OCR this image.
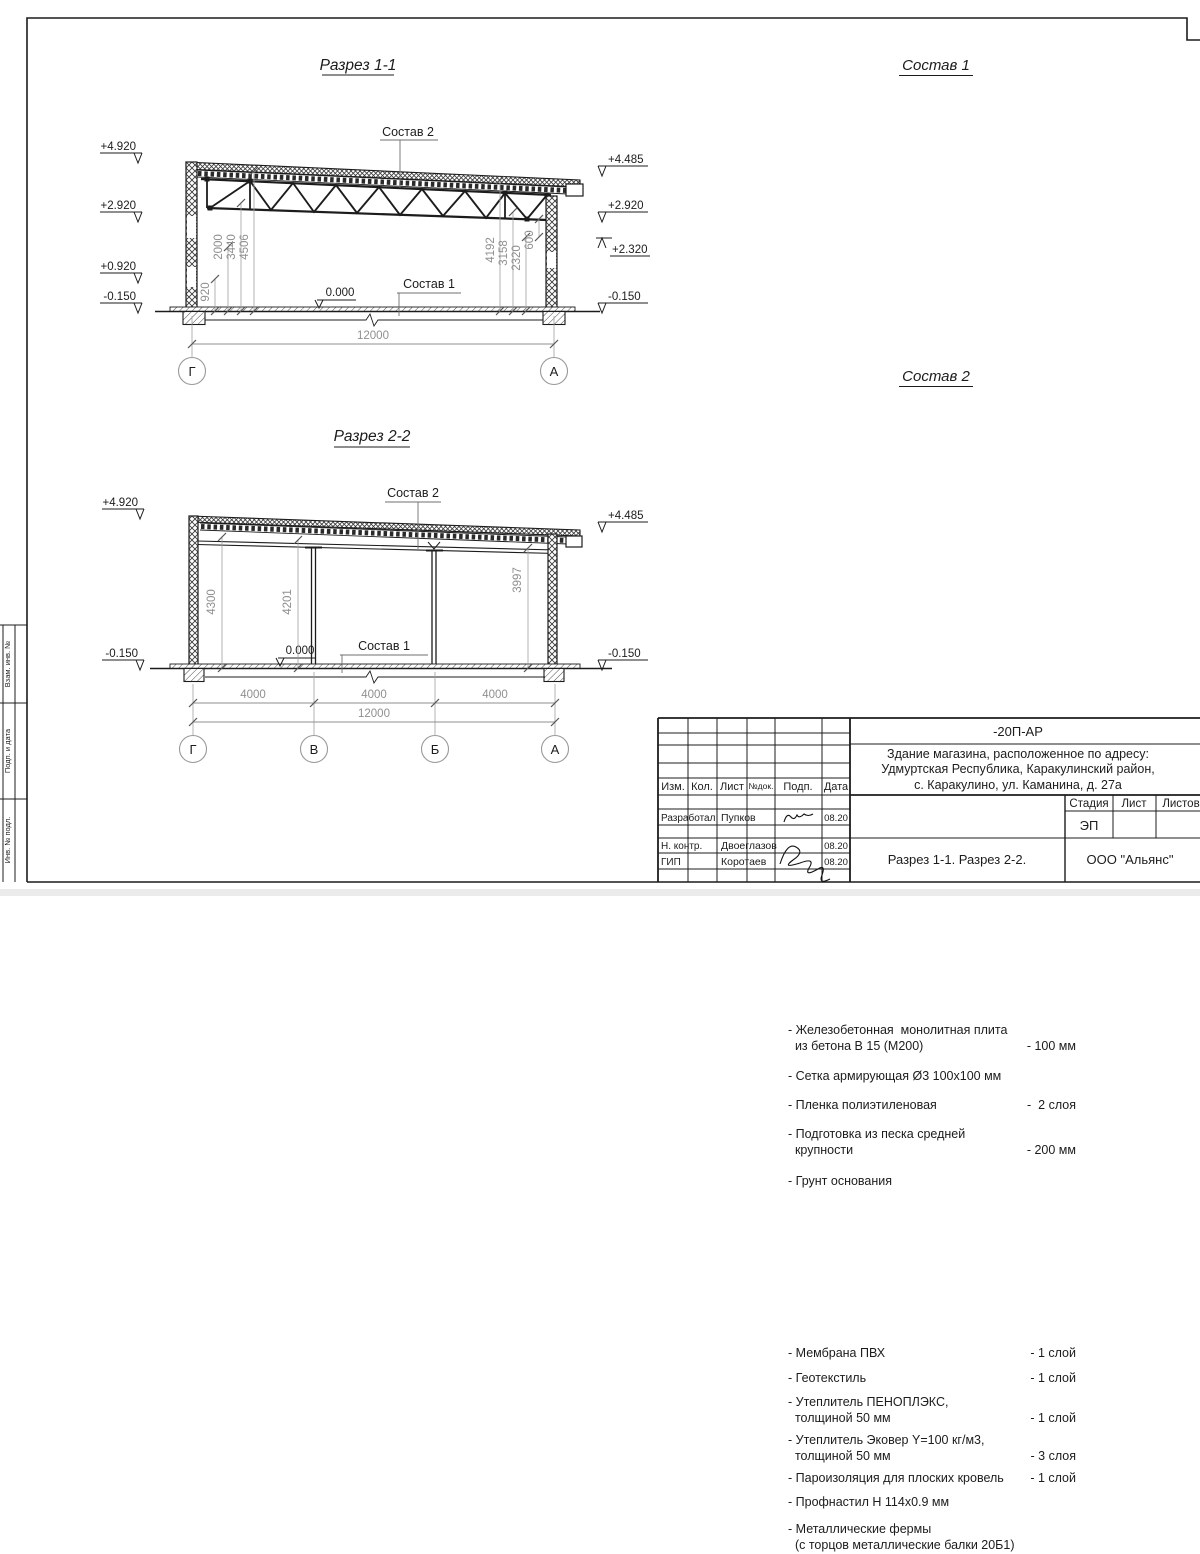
Взам. инв. №
Подп. и дата
Инв. № подл.
Разрез 1-1
Состав 2
Состав 1
0.000
+4.920
+2.920
+0.920
-0.150
+4.485
+2.920
+2.320
-0.150
920
2000 3440 4506	4192 3158 2320
600
12000
Г	А
Разрез 2-2
Состав 2
Состав 1
0.000
+4.920
-0.150
+4.485
-0.150
4300	4201
3997
4000	4000	4000
12000
Г	В	Б	А
-20П-АР
Здание магазина, расположенное по адресу:
Удмуртская Республика, Каракулинский район,
с. Каракулино, ул. Каманина, д. 27а
Изм. Кол. Лист №док. Подп. Дата
Разработал Пупков	08.20
Н. контр. Двоеглазов	08.20
ГИП	Коротаев	08.20
Стадия Лист Листов
ЭП
Разрез 1-1. Разрез 2-2.	ООО "Альянс"
Состав 1
- Железобетонная  монолитная плита
из бетона В 15 (М200)	- 100 мм
- Сетка армирующая Ø3 100х100 мм
- Пленка полиэтиленовая	-  2 слоя
- Подготовка из песка средней
крупности	- 200 мм
- Грунт основания
Состав 2
- Мембрана ПВХ	- 1 слой
- Геотекстиль	- 1 слой
- Утеплитель ПЕНОПЛЭКС,
толщиной 50 мм	- 1 слой
- Утеплитель Эковер Y=100 кг/м3,
толщиной 50 мм	- 3 слоя
- Пароизоляция для плоских кровель	- 1 слой
- Профнастил Н 114х0.9 мм
- Металлические фермы
(с торцов металлические балки 20Б1)
